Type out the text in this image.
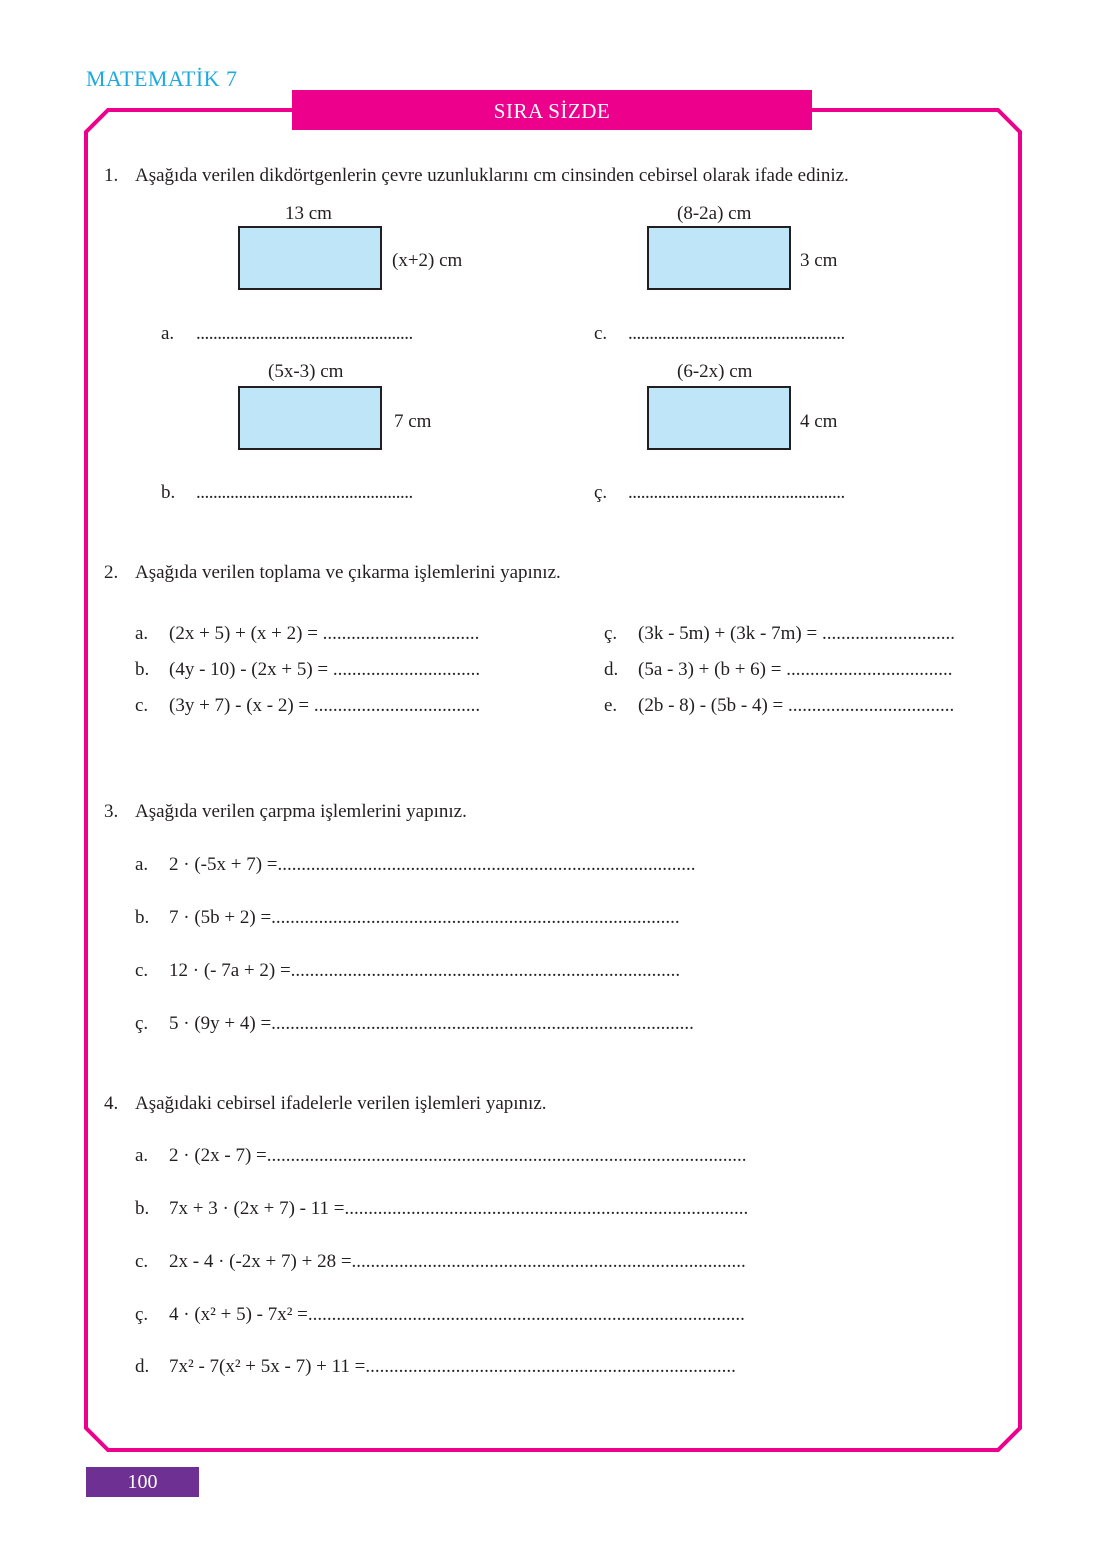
MATEMATİK 7
SIRA SİZDE
1. Aşağıda verilen dikdörtgenlerin çevre uzunluklarını cm cinsinden cebirsel olarak ifade ediniz.
13 cm
(x+2) cm
a. ...................................................
(8-2a) cm
3 cm
c. ...................................................
(5x-3) cm
7 cm
b. ...................................................
(6-2x) cm
4 cm
ç. ...................................................
2. Aşağıda verilen toplama ve çıkarma işlemlerini yapınız.
a. (2x + 5) + (x + 2) = .................................
b. (4y - 10) - (2x + 5) = ...............................
c. (3y + 7) - (x - 2) = ...................................
ç. (3k - 5m) + (3k - 7m) = ............................
d. (5a - 3) + (b + 6) = ...................................
e. (2b - 8) - (5b - 4) = ...................................
3. Aşağıda verilen çarpma işlemlerini yapınız.
a. 2 · (-5x + 7) =........................................................................................
b. 7 · (5b + 2) =......................................................................................
c. 12 · (- 7a + 2) =..................................................................................
ç. 5 · (9y + 4) =.........................................................................................
4. Aşağıdaki cebirsel ifadelerle verilen işlemleri yapınız.
a. 2 · (2x - 7) =.....................................................................................................
b. 7x + 3 · (2x + 7) - 11 =.....................................................................................
c. 2x - 4 · (-2x + 7) + 28 =...................................................................................
ç. 4 · (x² + 5) - 7x² =............................................................................................
d. 7x² - 7(x² + 5x - 7) + 11 =..............................................................................
100
